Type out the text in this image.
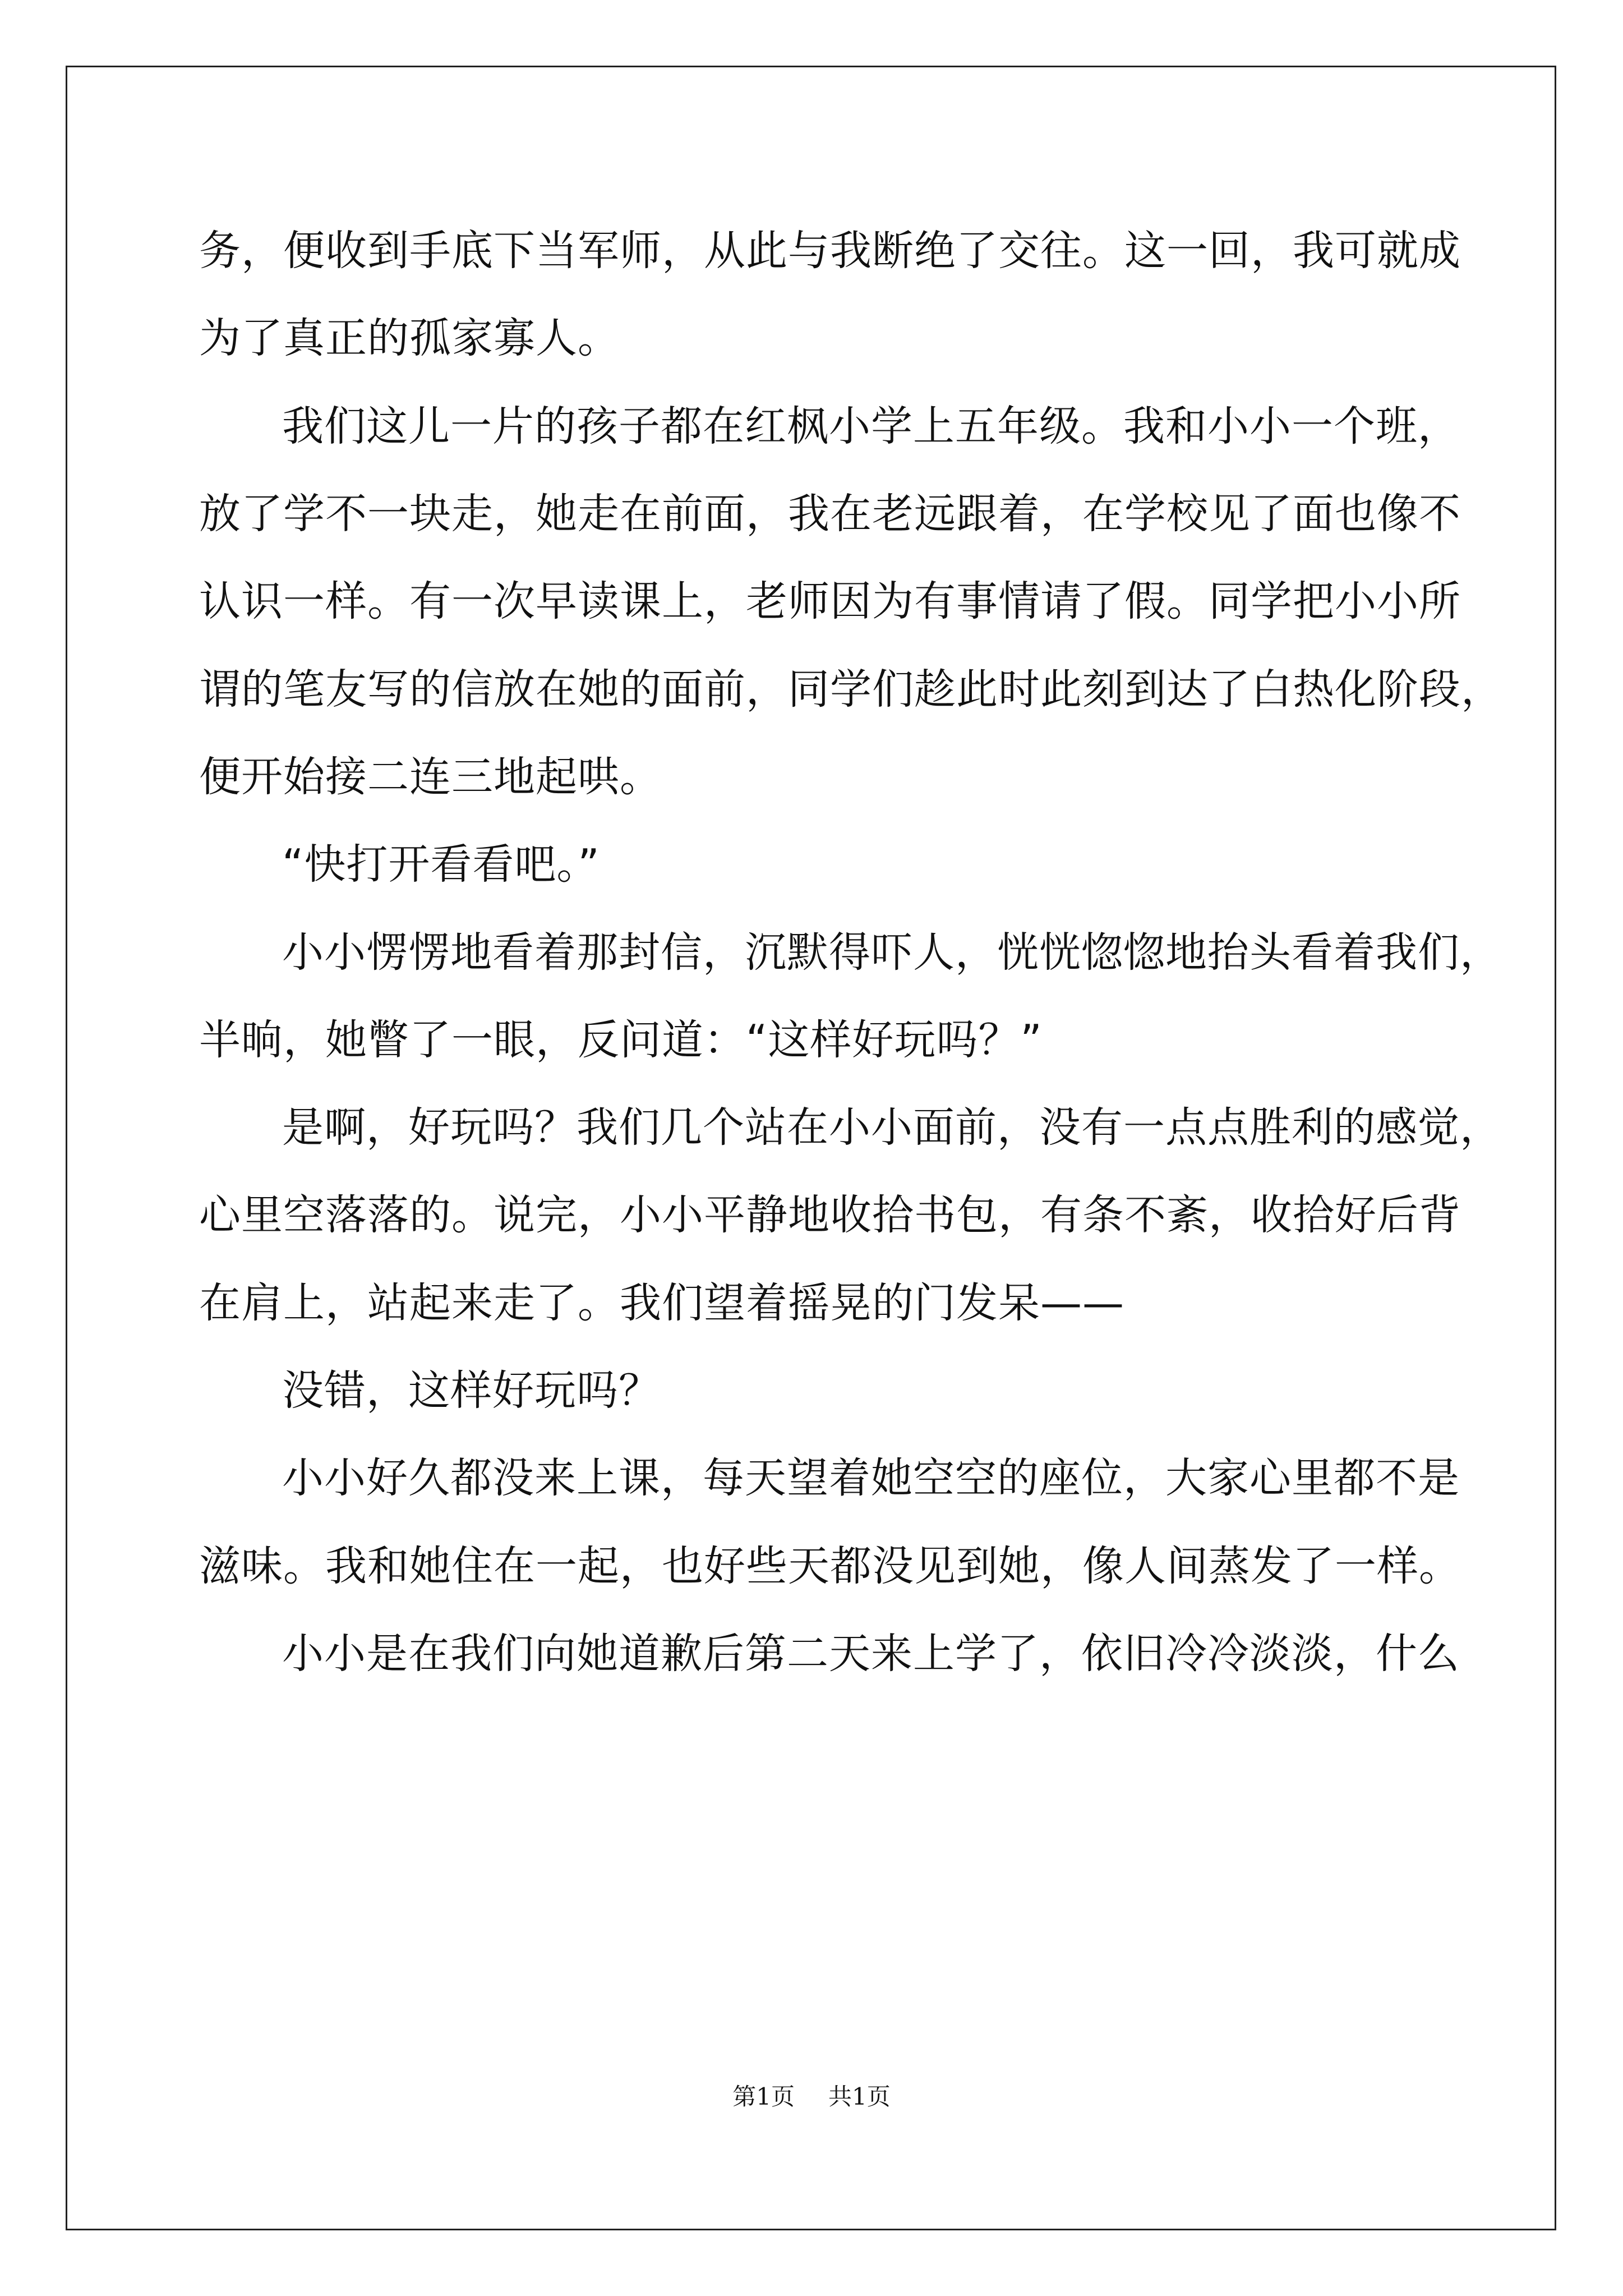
务，便收到手底下当军师，从此与我断绝了交往。这一回，我可就成
为了真正的孤家寡人。
我们这儿一片的孩子都在红枫小学上五年级。我和小小一个班，
放了学不一块走，她走在前面，我在老远跟着，在学校见了面也像不
认识一样。有一次早读课上，老师因为有事情请了假。同学把小小所
谓的笔友写的信放在她的面前，同学们趁此时此刻到达了白热化阶段，
便开始接二连三地起哄。
“快打开看看吧。”
小小愣愣地看着那封信，沉默得吓人，恍恍惚惚地抬头看着我们，
半晌，她瞥了一眼，反问道：“这样好玩吗？”
是啊，好玩吗？我们几个站在小小面前，没有一点点胜利的感觉，
心里空落落的。说完，小小平静地收拾书包，有条不紊，收拾好后背
在肩上，站起来走了。我们望着摇晃的门发呆——
没错，这样好玩吗？
小小好久都没来上课，每天望着她空空的座位，大家心里都不是
滋味。我和她住在一起，也好些天都没见到她，像人间蒸发了一样。
小小是在我们向她道歉后第二天来上学了，依旧冷冷淡淡，什么
第1页 共1页
